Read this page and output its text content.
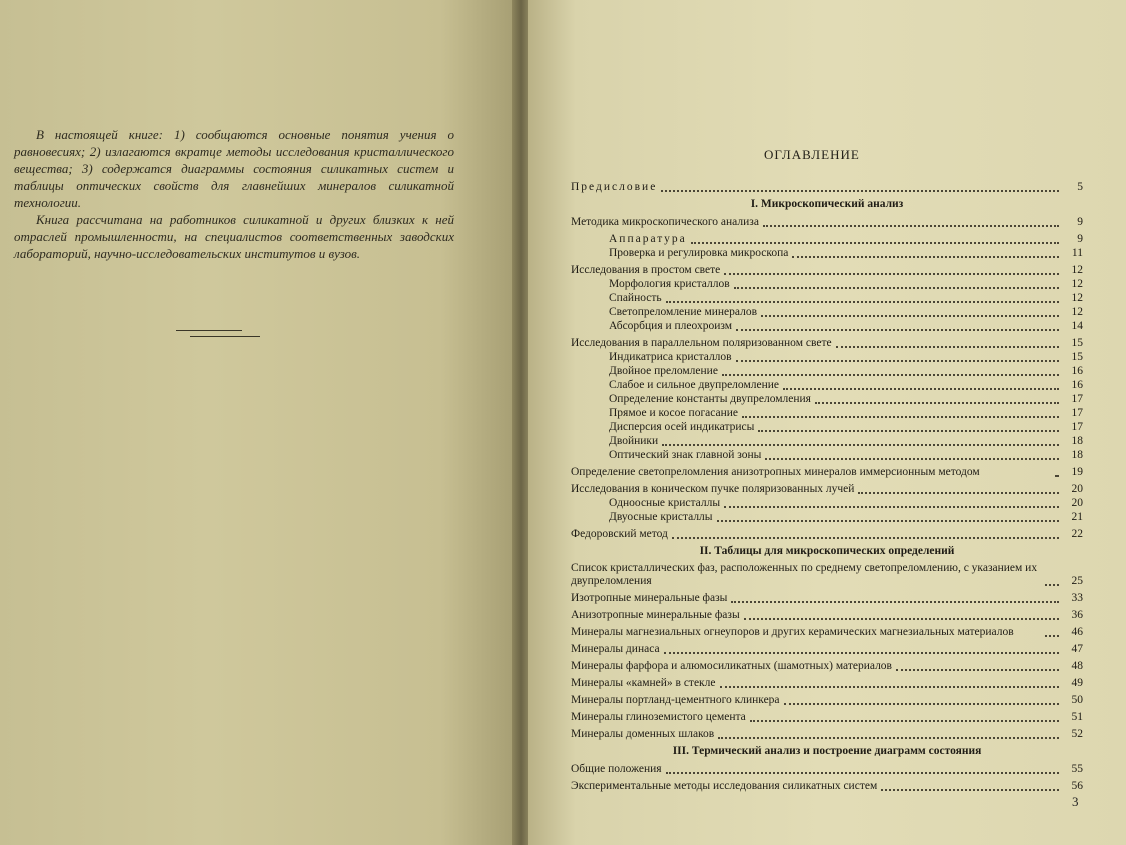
В настоящей книге: 1) сообщаются основные понятия учения о равновесиях; 2) излагаются вкратце методы исследования кристаллического вещества; 3) содержатся диаграммы состояния силикатных систем и таблицы оптических свойств для главнейших минералов силикатной технологии.

Книга рассчитана на работников силикатной и других близких к ней отраслей промышленности, на специалистов соответственных заводских лабораторий, научно-исследовательских институтов и вузов.

ОГЛАВЛЕНИЕ
Предисловие	5
I. Микроскопический анализ
Методика микроскопического анализа	9
Аппаратура	9
Проверка и регулировка микроскопа	11
Исследования в простом свете	12
Морфология кристаллов	12
Спайность	12
Светопреломление минералов	12
Абсорбция и плеохроизм	14
Исследования в параллельном поляризованном свете	15
Индикатриса кристаллов	15
Двойное преломление	16
Слабое и сильное двупреломление	16
Определение константы двупреломления	17
Прямое и косое погасание	17
Дисперсия осей индикатрисы	17
Двойники	18
Оптический знак главной зоны	18
Определение светопреломления анизотропных минералов иммерсионным методом	19
Исследования в коническом пучке поляризованных лучей	20
Одноосные кристаллы	20
Двуосные кристаллы	21
Федоровский метод	22
II. Таблицы для микроскопических определений
Список кристаллических фаз, расположенных по среднему светопреломлению, с указанием их двупреломления	25
Изотропные минеральные фазы	33
Анизотропные минеральные фазы	36
Минералы магнезиальных огнеупоров и других керамических магнезиальных материалов	46
Минералы динаса	47
Минералы фарфора и алюмосиликатных (шамотных) материалов	48
Минералы «камней» в стекле	49
Минералы портланд-цементного клинкера	50
Минералы глиноземистого цемента	51
Минералы доменных шлаков	52
III. Термический анализ и построение диаграмм состояния
Общие положения	55
Экспериментальные методы исследования силикатных систем	56
3
